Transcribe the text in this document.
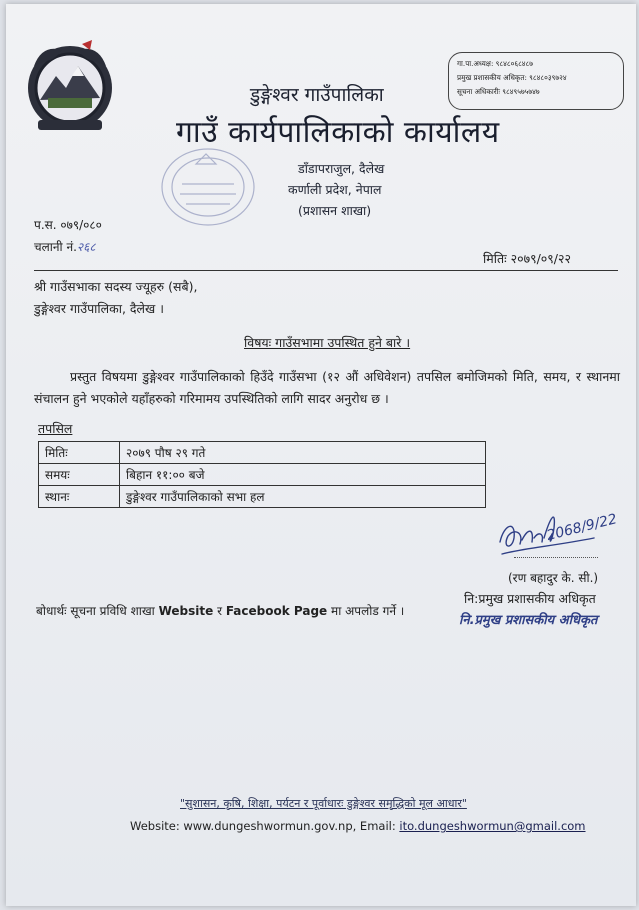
गा.पा.अध्यक्ष: ९८४८०६८४८७
प्रमुख प्रशासकीय अधिकृत: ९८४८०३९७२४
सूचना अधिकारीः ९८४९५७५७४७
डुङ्गेश्वर गाउँपालिका
गाउँ कार्यपालिकाको कार्यालय
डाँडापराजुल, दैलेख
कर्णाली प्रदेश, नेपाल
(प्रशासन शाखा)
प.स. ०७९/०८०
चलानी नं.२६८
मितिः २०७९/०९/२२
श्री गाउँसभाका सदस्य ज्यूहरु (सबै),
डुङ्गेश्वर गाउँपालिका, दैलेख ।
विषयः गाउँसभामा उपस्थित हुने बारे ।
प्रस्तुत विषयमा डुङ्गेश्वर गाउँपालिकाको हिउँदे गाउँसभा (१२ औं अधिवेशन) तपसिल बमोजिमको मिति, समय, र स्थानमा संचालन हुने भएकोले यहाँहरुको गरिमामय उपस्थितिको लागि सादर अनुरोध छ ।
तपसिल
मितिः	२०७९ पौष २९ गते
समयः	बिहान ११:०० बजे
स्थानः	डुङ्गेश्वर गाउँपालिकाको सभा हल
2068/9/22
(रण बहादुर के. सी.)
नि:प्रमुख प्रशासकीय अधिकृत
नि.प्रमुख प्रशासकीय अधिकृत
बोधार्थः सूचना प्रविधि शाखा Website र Facebook Page मा अपलोड गर्ने ।
"सुशासन, कृषि, शिक्षा, पर्यटन र पूर्वाधारः डुङ्गेश्वर समृद्धिको मूल आधार"
Website: www.dungeshwormun.gov.np, Email: ito.dungeshwormun@gmail.com
